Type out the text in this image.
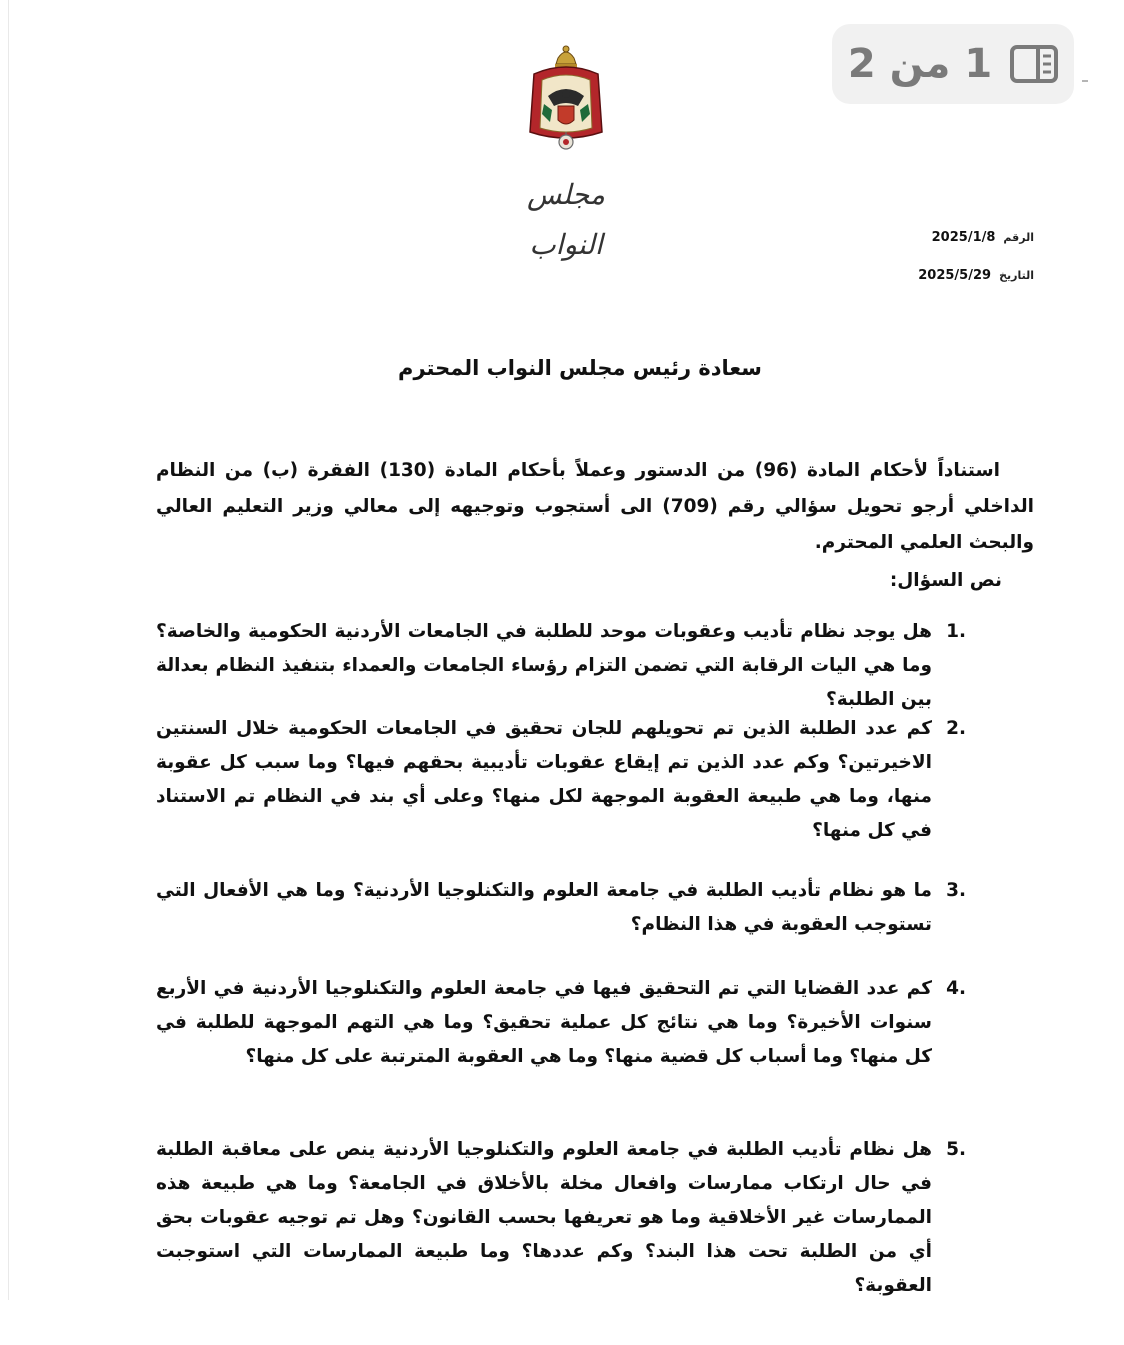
1 من 2
مجلس النواب	الرقم
2025/1/8
التاريخ
2025/5/29
سعادة رئيس مجلس النواب المحترم
استناداً لأحكام المادة (96) من الدستور وعملاً بأحكام المادة (130) الفقرة (ب) من النظام الداخلي أرجو تحويل سؤالي رقم (709) الى أستجوب وتوجيهه إلى معالي وزير التعليم العالي والبحث العلمي المحترم.
نص السؤال:
.1
هل يوجد نظام تأديب وعقوبات موحد للطلبة في الجامعات الأردنية الحكومية والخاصة؟ وما هي اليات الرقابة التي تضمن التزام رؤساء الجامعات والعمداء بتنفيذ النظام بعدالة بين الطلبة؟
.2
كم عدد الطلبة الذين تم تحويلهم للجان تحقيق في الجامعات الحكومية خلال السنتين الاخيرتين؟ وكم عدد الذين تم إيقاع عقوبات تأديبية بحقهم فيها؟ وما سبب كل عقوبة منها، وما هي طبيعة العقوبة الموجهة لكل منها؟ وعلى أي بند في النظام تم الاستناد في كل منها؟
.3
ما هو نظام تأديب الطلبة في جامعة العلوم والتكنلوجيا الأردنية؟ وما هي الأفعال التي تستوجب العقوبة في هذا النظام؟
.4
كم عدد القضايا التي تم التحقيق فيها في جامعة العلوم والتكنلوجيا الأردنية في الأربع سنوات الأخيرة؟ وما هي نتائج كل عملية تحقيق؟ وما هي التهم الموجهة للطلبة في كل منها؟ وما أسباب كل قضية منها؟ وما هي العقوبة المترتبة على كل منها؟
.5
هل نظام تأديب الطلبة في جامعة العلوم والتكنلوجيا الأردنية ينص على معاقبة الطلبة في حال ارتكاب ممارسات وافعال مخلة بالأخلاق في الجامعة؟ وما هي طبيعة هذه الممارسات غير الأخلاقية وما هو تعريفها بحسب القانون؟ وهل تم توجيه عقوبات بحق أي من الطلبة تحت هذا البند؟ وكم عددها؟ وما طبيعة الممارسات التي استوجبت العقوبة؟
